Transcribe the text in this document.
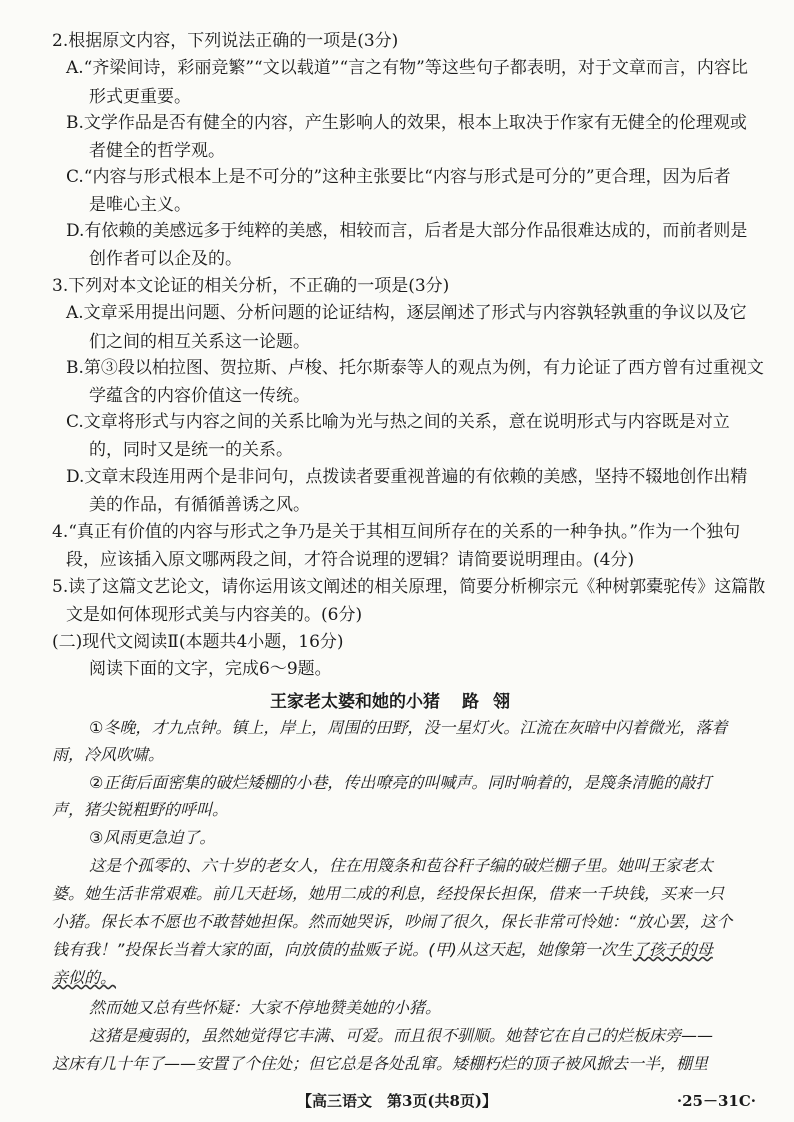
2.根据原文内容，下列说法正确的一项是(3分)
A.“齐梁间诗，彩丽竞繁”“文以载道”“言之有物”等这些句子都表明，对于文章而言，内容比
形式更重要。
B.文学作品是否有健全的内容，产生影响人的效果，根本上取决于作家有无健全的伦理观或
者健全的哲学观。
C.“内容与形式根本上是不可分的”这种主张要比“内容与形式是可分的”更合理，因为后者
是唯心主义。
D.有依赖的美感远多于纯粹的美感，相较而言，后者是大部分作品很难达成的，而前者则是
创作者可以企及的。
3.下列对本文论证的相关分析，不正确的一项是(3分)
A.文章采用提出问题、分析问题的论证结构，逐层阐述了形式与内容孰轻孰重的争议以及它
们之间的相互关系这一论题。
B.第③段以柏拉图、贺拉斯、卢梭、托尔斯泰等人的观点为例，有力论证了西方曾有过重视文
学蕴含的内容价值这一传统。
C.文章将形式与内容之间的关系比喻为光与热之间的关系，意在说明形式与内容既是对立
的，同时又是统一的关系。
D.文章末段连用两个是非问句，点拨读者要重视普遍的有依赖的美感，坚持不辍地创作出精
美的作品，有循循善诱之风。
4.“真正有价值的内容与形式之争乃是关于其相互间所存在的关系的一种争执。”作为一个独句
段，应该插入原文哪两段之间，才符合说理的逻辑？请简要说明理由。(4分)
5.读了这篇文艺论文，请你运用该文阐述的相关原理，简要分析柳宗元《种树郭橐驼传》这篇散
文是如何体现形式美与内容美的。(6分)
(二)现代文阅读Ⅱ(本题共4小题，16分)
阅读下面的文字，完成6～9题。
王家老太婆和她的小猪 路翎
①冬晚，才九点钟。镇上，岸上，周围的田野，没一星灯火。江流在灰暗中闪着微光，落着
雨，冷风吹啸。
②正街后面密集的破烂矮棚的小巷，传出嘹亮的叫喊声。同时响着的，是篾条清脆的敲打
声，猪尖锐粗野的呼叫。
③风雨更急迫了。
这是个孤零的、六十岁的老女人，住在用篾条和苞谷秆子编的破烂棚子里。她叫王家老太
婆。她生活非常艰难。前几天赶场，她用二成的利息，经投保长担保，借来一千块钱，买来一只
小猪。保长本不愿也不敢替她担保。然而她哭诉，吵闹了很久，保长非常可怜她：“放心罢，这个
钱有我！”投保长当着大家的面，向放债的盐贩子说。(甲)从这天起，她像第一次生了孩子的母
亲似的。
然而她又总有些怀疑：大家不停地赞美她的小猪。
这猪是瘦弱的，虽然她觉得它丰满、可爱。而且很不驯顺。她替它在自己的烂板床旁——
这床有几十年了——安置了个住处；但它总是各处乱窜。矮棚朽烂的顶子被风掀去一半，棚里
【高三语文　第3页(共8页)】	·25－31C·
